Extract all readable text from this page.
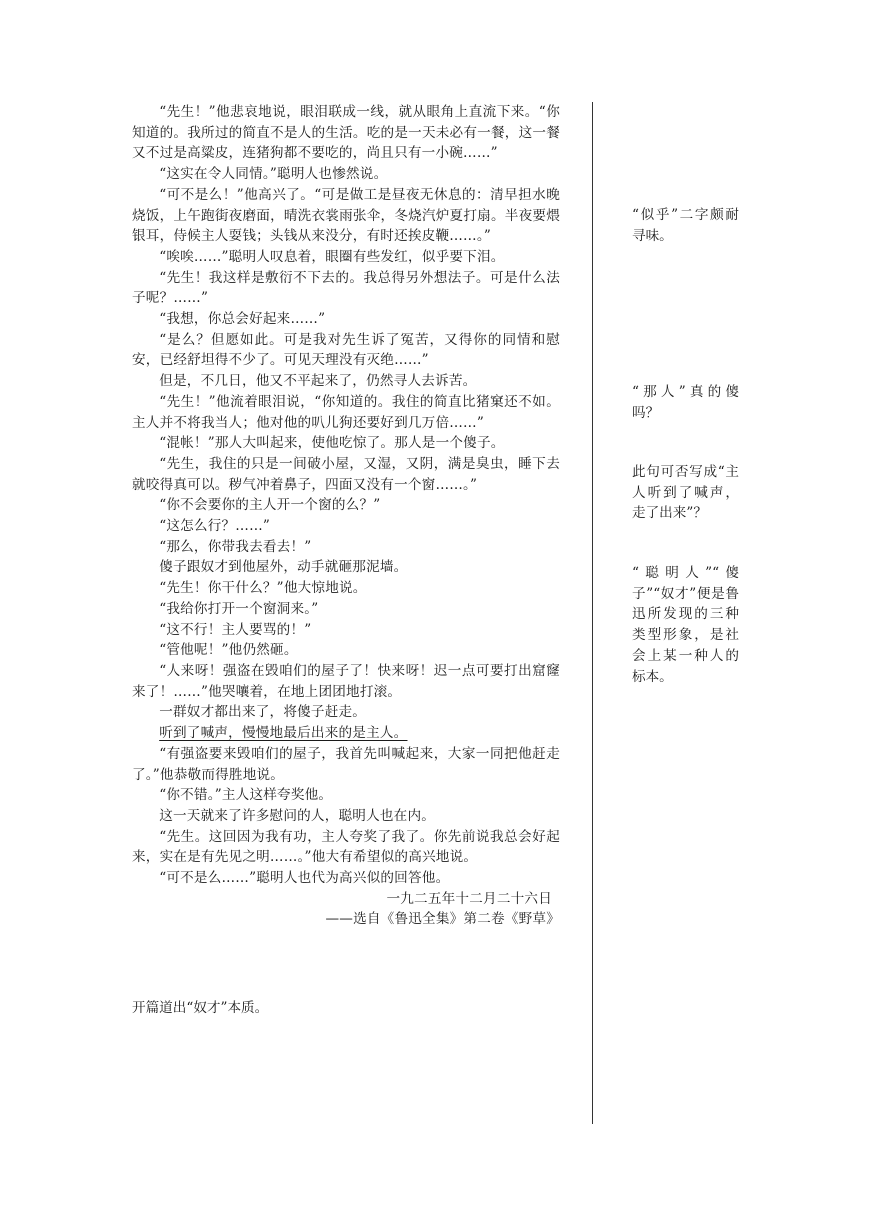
“先生！”他悲哀地说，眼泪联成一线，就从眼角上直流下来。“你知道的。我所过的简直不是人的生活。吃的是一天未必有一餐，这一餐又不过是高粱皮，连猪狗都不要吃的，尚且只有一小碗……”

“这实在令人同情。”聪明人也惨然说。

“可不是么！”他高兴了。“可是做工是昼夜无休息的：清早担水晚烧饭，上午跑街夜磨面，晴洗衣裳雨张伞，冬烧汽炉夏打扇。半夜要煨银耳，侍候主人耍钱；头钱从来没分，有时还挨皮鞭……。”

“唉唉……”聪明人叹息着，眼圈有些发红，似乎要下泪。

“先生！我这样是敷衍不下去的。我总得另外想法子。可是什么法子呢？……”

“我想，你总会好起来……”

“是么？但愿如此。可是我对先生诉了冤苦，又得你的同情和慰安，已经舒坦得不少了。可见天理没有灭绝……”

但是，不几日，他又不平起来了，仍然寻人去诉苦。

“先生！”他流着眼泪说，“你知道的。我住的简直比猪窠还不如。主人并不将我当人；他对他的叭儿狗还要好到几万倍……”

“混帐！”那人大叫起来，使他吃惊了。那人是一个傻子。

“先生，我住的只是一间破小屋，又湿，又阴，满是臭虫，睡下去就咬得真可以。秽气冲着鼻子，四面又没有一个窗……。”

“你不会要你的主人开一个窗的么？”

“这怎么行？……”

“那么，你带我去看去！”

傻子跟奴才到他屋外，动手就砸那泥墙。

“先生！你干什么？”他大惊地说。

“我给你打开一个窗洞来。”

“这不行！主人要骂的！”

“管他呢！”他仍然砸。

“人来呀！强盗在毁咱们的屋子了！快来呀！迟一点可要打出窟窿来了！……”他哭嚷着，在地上团团地打滚。

一群奴才都出来了，将傻子赶走。

听到了喊声，慢慢地最后出来的是主人。

“有强盗要来毁咱们的屋子，我首先叫喊起来，大家一同把他赶走了。”他恭敬而得胜地说。

“你不错。”主人这样夸奖他。

这一天就来了许多慰问的人，聪明人也在内。

“先生。这回因为我有功，主人夸奖了我了。你先前说我总会好起来，实在是有先见之明……。”他大有希望似的高兴地说。

“可不是么……”聪明人也代为高兴似的回答他。

一九二五年十二月二十六日

——选自《鲁迅全集》第二卷《野草》

“似乎”二字颇耐寻味。

“那人”真的傻吗？

此句可否写成“主人听到了喊声，走了出来”？

“聪明人”“傻子”“奴才”便是鲁迅所发现的三种类型形象，是社会上某一种人的标本。

开篇道出“奴才”本质。
